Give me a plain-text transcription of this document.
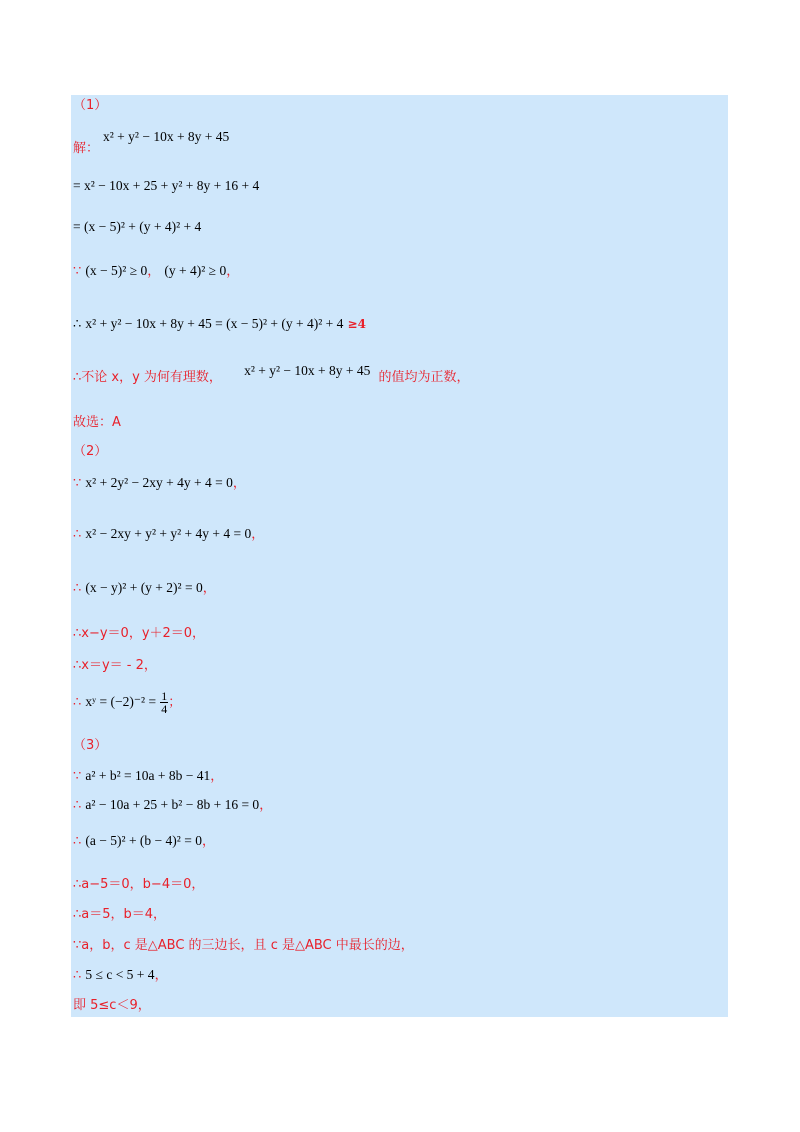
（1）
x² + y² − 10x + 8y + 45
解：
= x² − 10x + 25 + y² + 8y + 16 + 4
= (x − 5)² + (y + 4)² + 4
∵ (x − 5)² ≥ 0， (y + 4)² ≥ 0，
∴ x² + y² − 10x + 8y + 45 = (x − 5)² + (y + 4)² + 4 ≥4
∴不论 x，y 为何有理数， x² + y² − 10x + 8y + 45 的值均为正数，
故选：A
（2）
∵ x² + 2y² − 2xy + 4y + 4 = 0，
∴ x² − 2xy + y² + y² + 4y + 4 = 0，
∴ (x − y)² + (y + 2)² = 0，
∴x−y＝0，y＋2＝0，
∴x＝y＝ - 2，
∴ xʸ = $(-2)^{-2} = \frac{1}{4}$ ；
（3）
∵ a² + b² = 10a + 8b − 41，
∴ a² − 10a + 25 + b² − 8b + 16 = 0，
∴ (a − 5)² + (b − 4)² = 0，
∴a−5＝0，b−4＝0，
∴a＝5，b＝4，
∵a，b，c 是△ABC 的三边长，且 c 是△ABC 中最长的边，
∴ 5 ≤ c < 5 + 4，
即 5≤c＜9，
